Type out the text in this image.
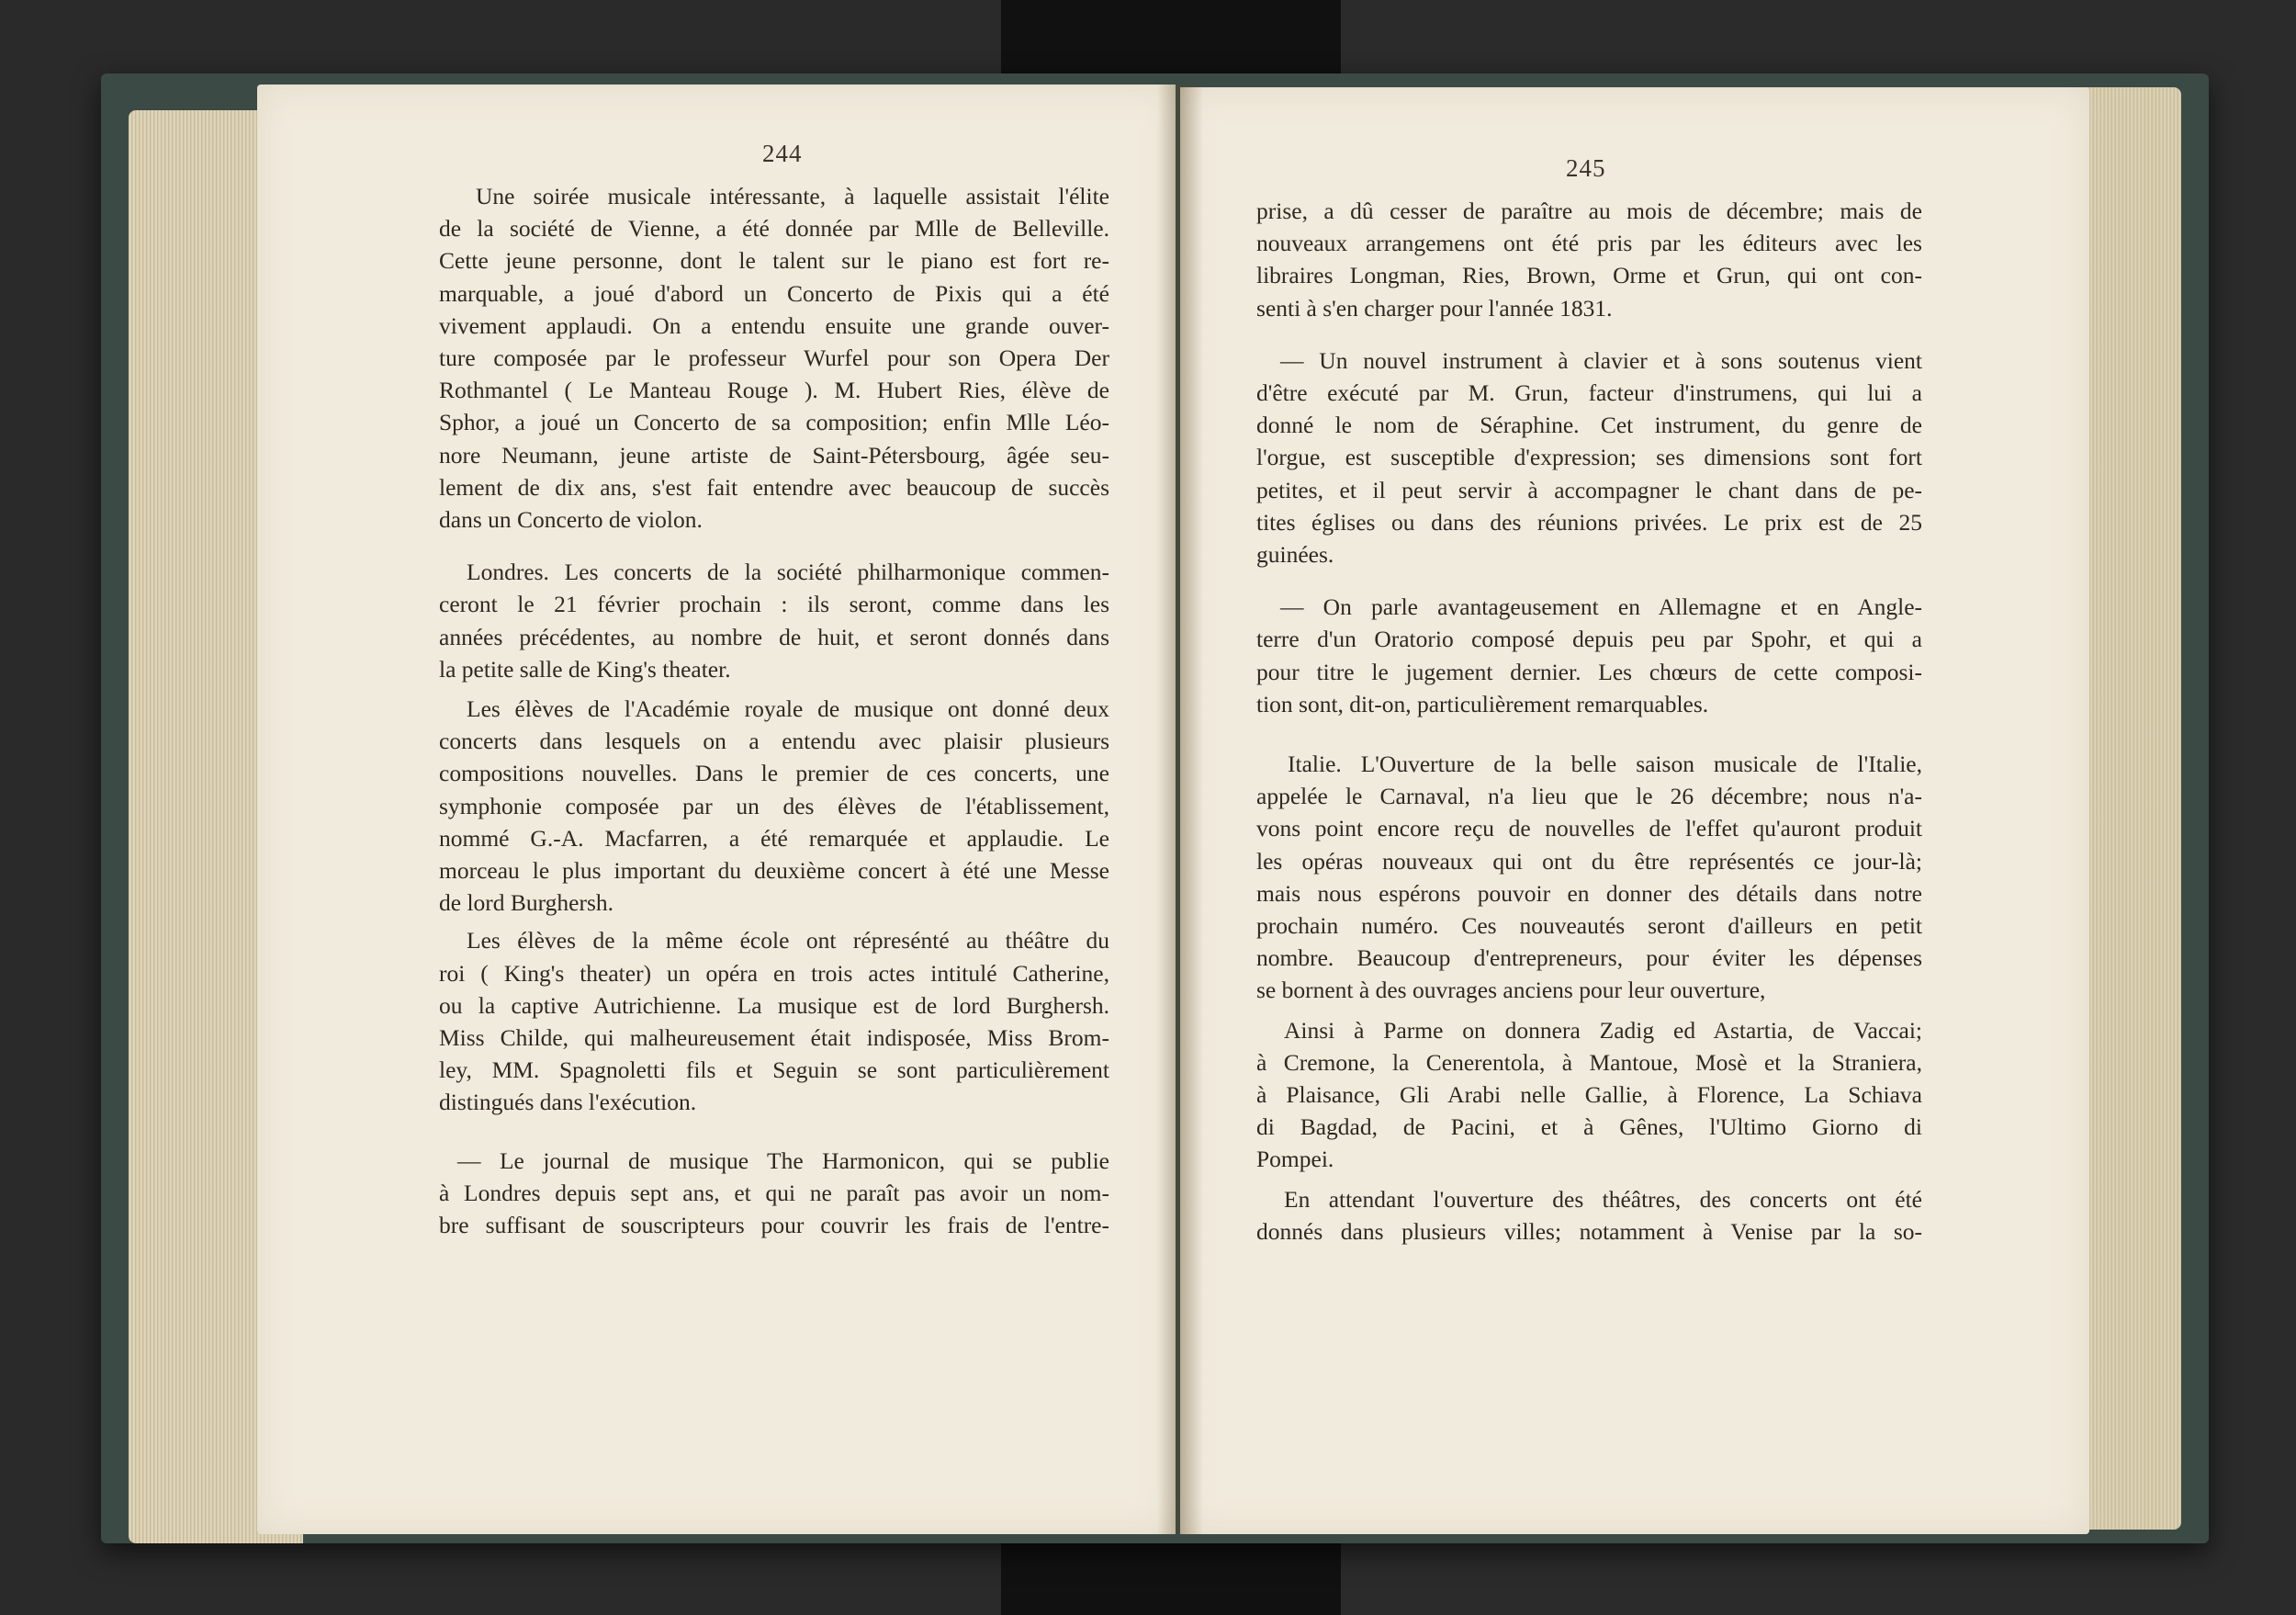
244
Une soirée musicale intéressante, à laquelle assistait l'élite
de la société de Vienne, a été donnée par Mlle de Belleville.
Cette jeune personne, dont le talent sur le piano est fort re-
marquable, a joué d'abord un Concerto de Pixis qui a été
vivement applaudi. On a entendu ensuite une grande ouver-
ture composée par le professeur Wurfel pour son Opera Der
Rothmantel ( Le Manteau Rouge ). M. Hubert Ries, élève de
Sphor, a joué un Concerto de sa composition; enfin Mlle Léo-
nore Neumann, jeune artiste de Saint-Pétersbourg, âgée seu-
lement de dix ans, s'est fait entendre avec beaucoup de succès
dans un Concerto de violon.
Londres. Les concerts de la société philharmonique commen-
ceront le 21 février prochain : ils seront, comme dans les
années précédentes, au nombre de huit, et seront donnés dans
la petite salle de King's theater.
Les élèves de l'Académie royale de musique ont donné deux
concerts dans lesquels on a entendu avec plaisir plusieurs
compositions nouvelles. Dans le premier de ces concerts, une
symphonie composée par un des élèves de l'établissement,
nommé G.-A. Macfarren, a été remarquée et applaudie. Le
morceau le plus important du deuxième concert à été une Messe
de lord Burghersh.
Les élèves de la même école ont répresénté au théâtre du
roi ( King's theater) un opéra en trois actes intitulé Catherine,
ou la captive Autrichienne. La musique est de lord Burghersh.
Miss Childe, qui malheureusement était indisposée, Miss Brom-
ley, MM. Spagnoletti fils et Seguin se sont particulièrement
distingués dans l'exécution.
— Le journal de musique The Harmonicon, qui se publie
à Londres depuis sept ans, et qui ne paraît pas avoir un nom-
bre suffisant de souscripteurs pour couvrir les frais de l'entre-
245
prise, a dû cesser de paraître au mois de décembre; mais de
nouveaux arrangemens ont été pris par les éditeurs avec les
libraires Longman, Ries, Brown, Orme et Grun, qui ont con-
senti à s'en charger pour l'année 1831.
— Un nouvel instrument à clavier et à sons soutenus vient
d'être exécuté par M. Grun, facteur d'instrumens, qui lui a
donné le nom de Séraphine. Cet instrument, du genre de
l'orgue, est susceptible d'expression; ses dimensions sont fort
petites, et il peut servir à accompagner le chant dans de pe-
tites églises ou dans des réunions privées. Le prix est de 25
guinées.
— On parle avantageusement en Allemagne et en Angle-
terre d'un Oratorio composé depuis peu par Spohr, et qui a
pour titre le jugement dernier. Les chœurs de cette composi-
tion sont, dit-on, particulièrement remarquables.
Italie. L'Ouverture de la belle saison musicale de l'Italie,
appelée le Carnaval, n'a lieu que le 26 décembre; nous n'a-
vons point encore reçu de nouvelles de l'effet qu'auront produit
les opéras nouveaux qui ont du être représentés ce jour-là;
mais nous espérons pouvoir en donner des détails dans notre
prochain numéro. Ces nouveautés seront d'ailleurs en petit
nombre. Beaucoup d'entrepreneurs, pour éviter les dépenses
se bornent à des ouvrages anciens pour leur ouverture,
Ainsi à Parme on donnera Zadig ed Astartia, de Vaccai;
à Cremone, la Cenerentola, à Mantoue, Mosè et la Straniera,
à Plaisance, Gli Arabi nelle Gallie, à Florence, La Schiava
di Bagdad, de Pacini, et à Gênes, l'Ultimo Giorno di
Pompei.
En attendant l'ouverture des théâtres, des concerts ont été
donnés dans plusieurs villes; notamment à Venise par la so-
